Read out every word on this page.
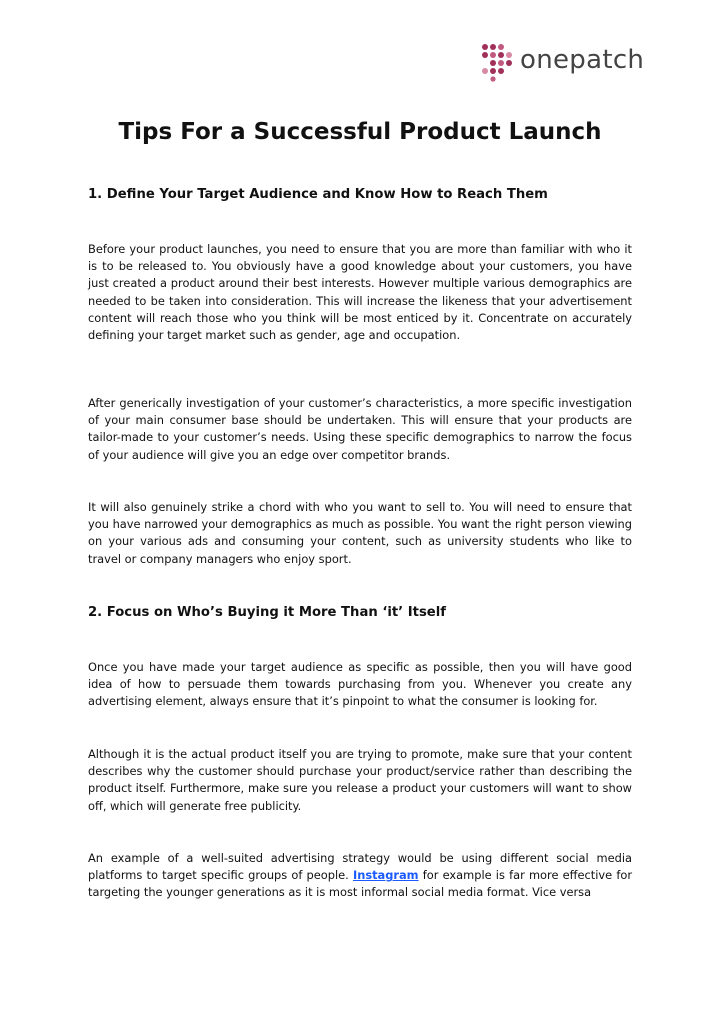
onepatch
Tips For a Successful Product Launch
1. Define Your Target Audience and Know How to Reach Them

Before your product launches, you need to ensure that you are more than familiar with who it is to be released to. You obviously have a good knowledge about your customers, you have just created a product around their best interests. However multiple various demographics are needed to be taken into consideration. This will increase the likeness that your advertisement content will reach those who you think will be most enticed by it. Concentrate on accurately defining your target market such as gender, age and occupation.

After generically investigation of your customer’s characteristics, a more specific investigation of your main consumer base should be undertaken. This will ensure that your products are tailor-made to your customer’s needs. Using these specific demographics to narrow the focus of your audience will give you an edge over competitor brands.

It will also genuinely strike a chord with who you want to sell to. You will need to ensure that you have narrowed your demographics as much as possible. You want the right person viewing on your various ads and consuming your content, such as university students who like to travel or company managers who enjoy sport.

2. Focus on Who’s Buying it More Than ‘it’ Itself

Once you have made your target audience as specific as possible, then you will have good idea of how to persuade them towards purchasing from you. Whenever you create any advertising element, always ensure that it’s pinpoint to what the consumer is looking for.

Although it is the actual product itself you are trying to promote, make sure that your content describes why the customer should purchase your product/service rather than describing the product itself. Furthermore, make sure you release a product your customers will want to show off, which will generate free publicity.

An example of a well-suited advertising strategy would be using different social media platforms to target specific groups of people. Instagram for example is far more effective for targeting the younger generations as it is most informal social media format. Vice versa
